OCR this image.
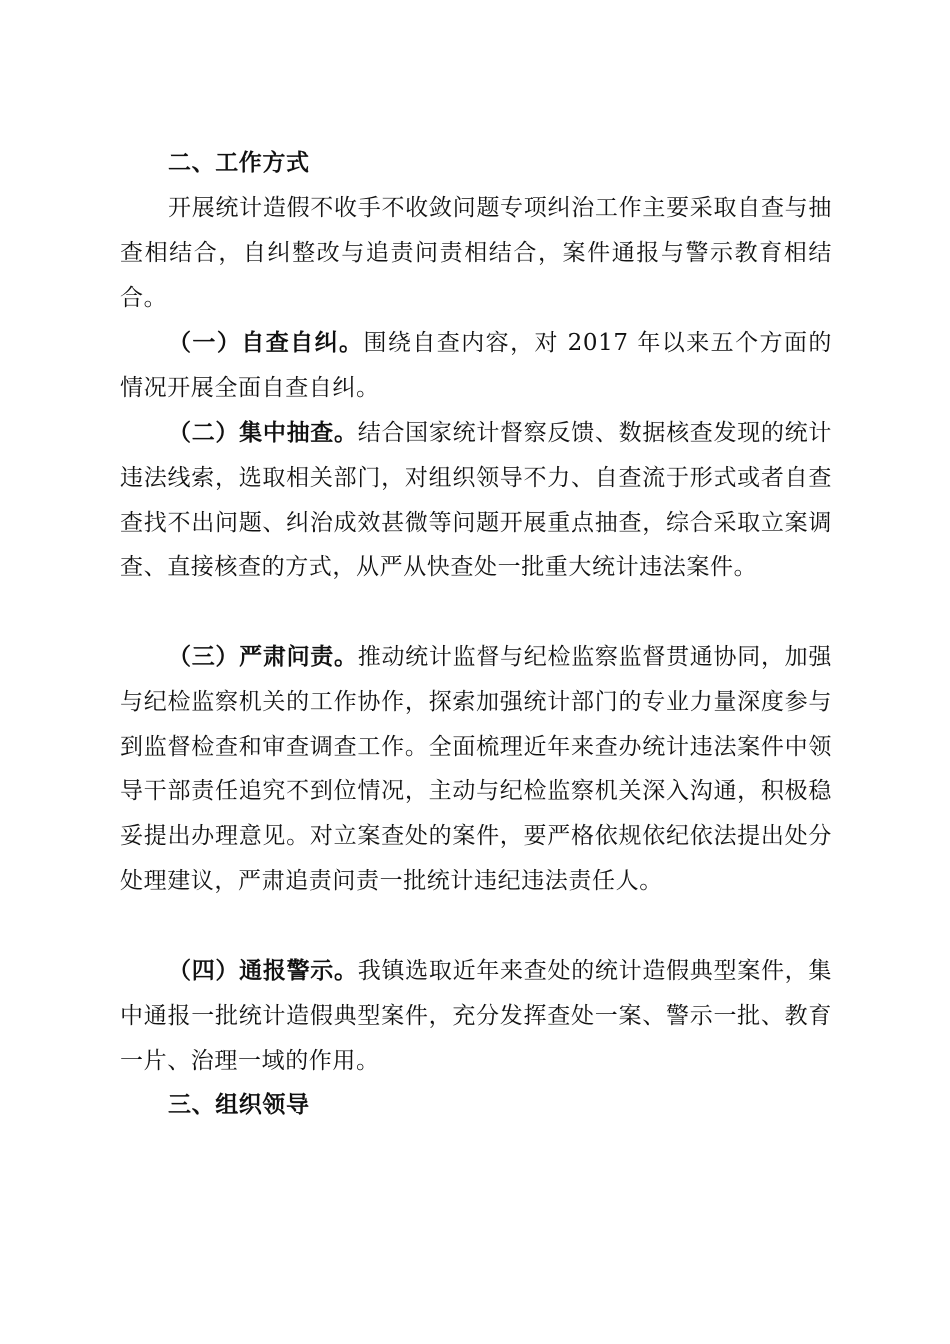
二、工作方式

开展统计造假不收手不收敛问题专项纠治工作主要采取自查与抽查相结合，自纠整改与追责问责相结合，案件通报与警示教育相结合。

（一）自查自纠。围绕自查内容，对 2017 年以来五个方面的情况开展全面自查自纠。

（二）集中抽查。结合国家统计督察反馈、数据核查发现的统计违法线索，选取相关部门，对组织领导不力、自查流于形式或者自查查找不出问题、纠治成效甚微等问题开展重点抽查，综合采取立案调查、直接核查的方式，从严从快查处一批重大统计违法案件。

（三）严肃问责。推动统计监督与纪检监察监督贯通协同，加强与纪检监察机关的工作协作，探索加强统计部门的专业力量深度参与到监督检查和审查调查工作。全面梳理近年来查办统计违法案件中领导干部责任追究不到位情况，主动与纪检监察机关深入沟通，积极稳妥提出办理意见。对立案查处的案件，要严格依规依纪依法提出处分处理建议，严肃追责问责一批统计违纪违法责任人。

（四）通报警示。我镇选取近年来查处的统计造假典型案件，集中通报一批统计造假典型案件，充分发挥查处一案、警示一批、教育一片、治理一域的作用。

三、组织领导
